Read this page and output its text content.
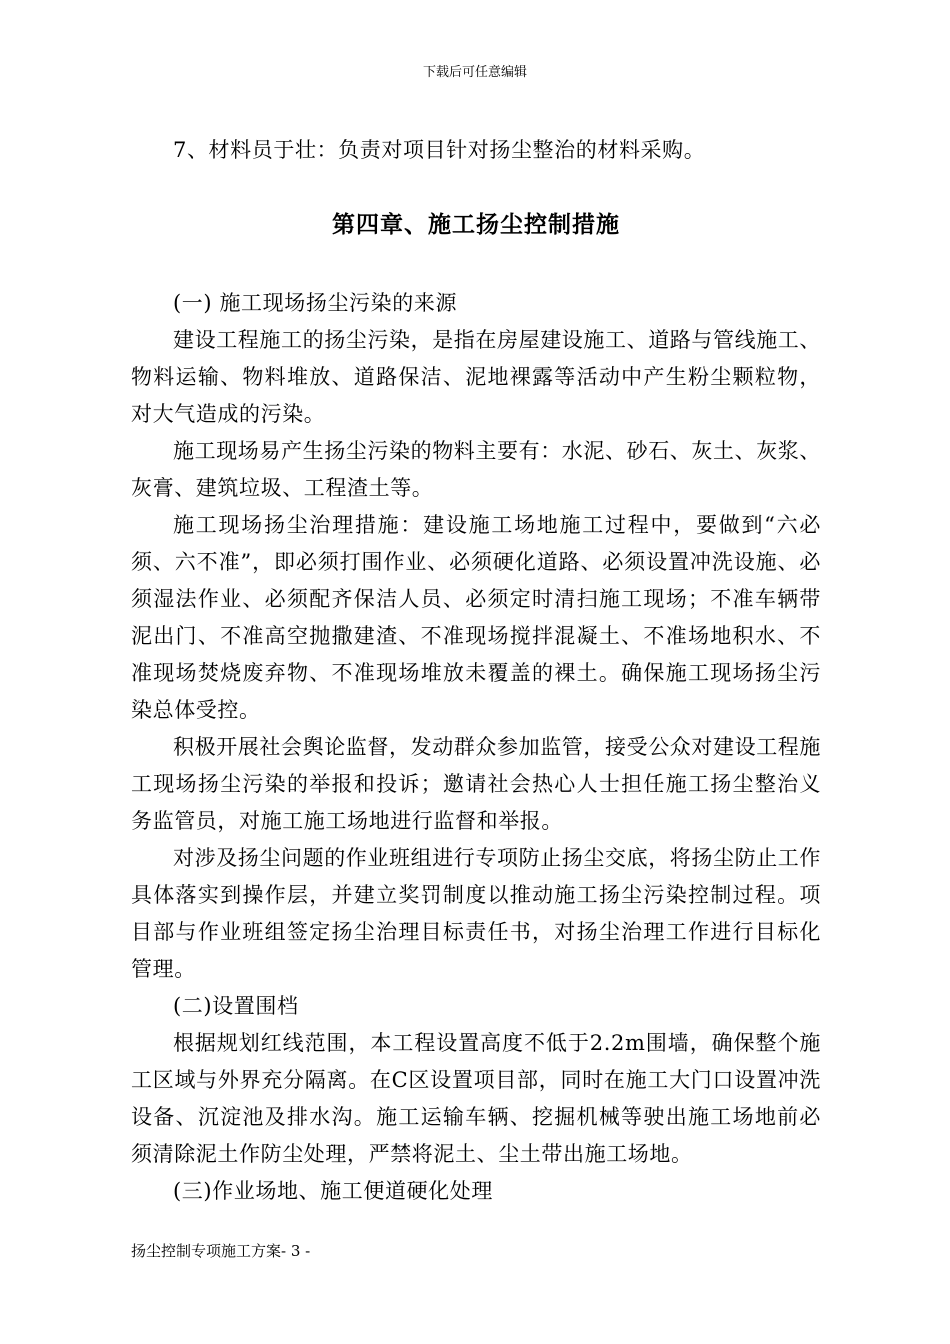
下载后可任意编辑

7、材料员于壮：负责对项目针对扬尘整治的材料采购。

第四章、施工扬尘控制措施

(一) 施工现场扬尘污染的来源

建设工程施工的扬尘污染，是指在房屋建设施工、道路与管线施工、物料运输、物料堆放、道路保洁、泥地裸露等活动中产生粉尘颗粒物，对大气造成的污染。

施工现场易产生扬尘污染的物料主要有：水泥、砂石、灰土、灰浆、灰膏、建筑垃圾、工程渣土等。

施工现场扬尘治理措施：建设施工场地施工过程中，要做到“六必须、六不准”，即必须打围作业、必须硬化道路、必须设置冲洗设施、必须湿法作业、必须配齐保洁人员、必须定时清扫施工现场；不准车辆带泥出门、不准高空抛撒建渣、不准现场搅拌混凝土、不准场地积水、不准现场焚烧废弃物、不准现场堆放未覆盖的裸土。确保施工现场扬尘污染总体受控。

积极开展社会舆论监督，发动群众参加监管，接受公众对建设工程施工现场扬尘污染的举报和投诉；邀请社会热心人士担任施工扬尘整治义务监管员，对施工施工场地进行监督和举报。

对涉及扬尘问题的作业班组进行专项防止扬尘交底，将扬尘防止工作具体落实到操作层，并建立奖罚制度以推动施工扬尘污染控制过程。项目部与作业班组签定扬尘治理目标责任书，对扬尘治理工作进行目标化管理。

(二)设置围档

根据规划红线范围，本工程设置高度不低于2.2m围墙，确保整个施工区域与外界充分隔离。在C区设置项目部，同时在施工大门口设置冲洗设备、沉淀池及排水沟。施工运输车辆、挖掘机械等驶出施工场地前必须清除泥土作防尘处理，严禁将泥土、尘土带出施工场地。

(三)作业场地、施工便道硬化处理

扬尘控制专项施工方案- 3 -
